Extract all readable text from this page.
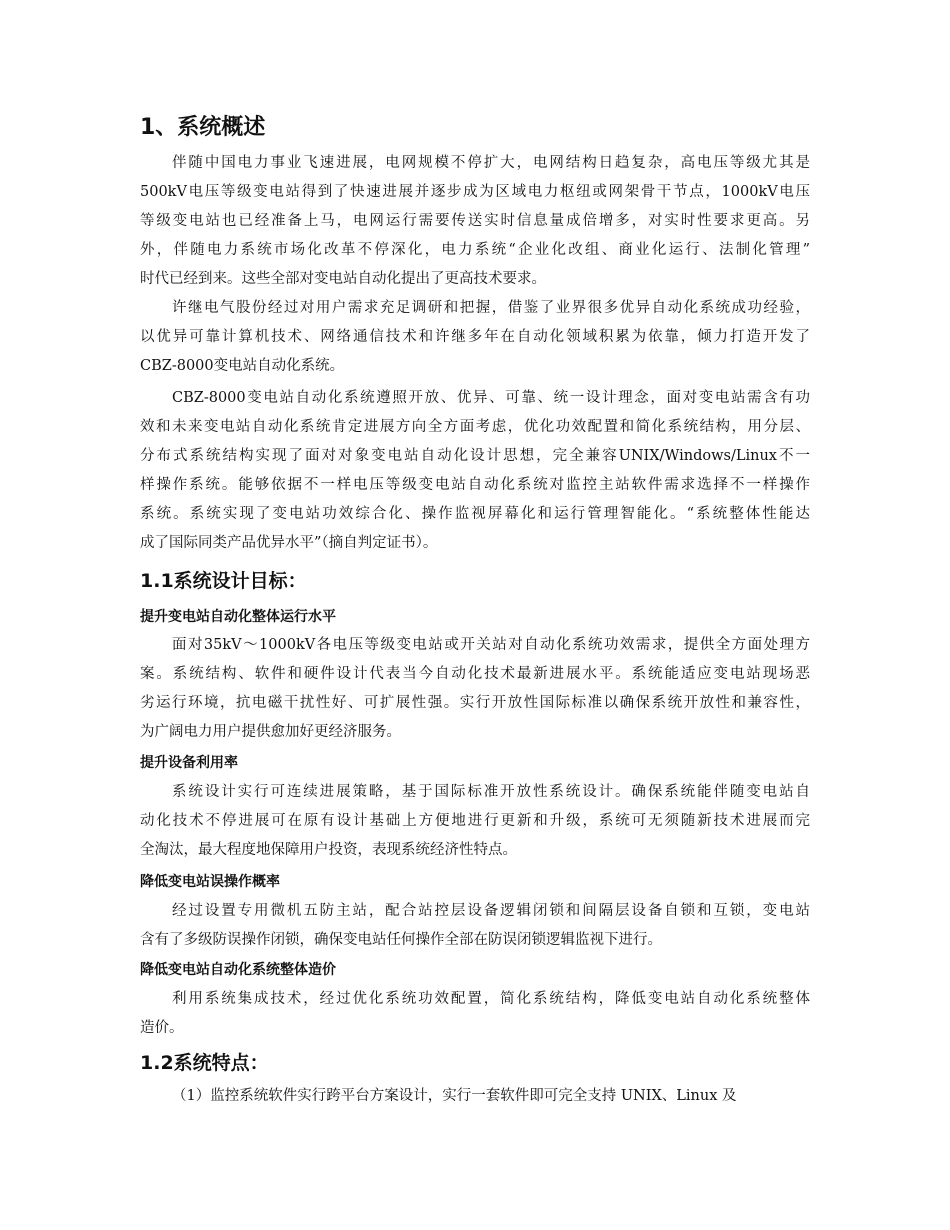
1、系统概述
伴随中国电力事业飞速进展，电网规模不停扩大，电网结构日趋复杂，高电压等级尤其是
500kV电压等级变电站得到了快速进展并逐步成为区域电力枢纽或网架骨干节点，1000kV电压
等级变电站也已经准备上马，电网运行需要传送实时信息量成倍增多，对实时性要求更高。另
外，伴随电力系统市场化改革不停深化，电力系统“企业化改组、商业化运行、法制化管理”
时代已经到来。这些全部对变电站自动化提出了更高技术要求。
许继电气股份经过对用户需求充足调研和把握，借鉴了业界很多优异自动化系统成功经验，
以优异可靠计算机技术、网络通信技术和许继多年在自动化领域积累为依靠，倾力打造开发了
CBZ-8000变电站自动化系统。
CBZ-8000变电站自动化系统遵照开放、优异、可靠、统一设计理念，面对变电站需含有功
效和未来变电站自动化系统肯定进展方向全方面考虑，优化功效配置和简化系统结构，用分层、
分布式系统结构实现了面对对象变电站自动化设计思想，完全兼容UNIX/Windows/Linux不一
样操作系统。能够依据不一样电压等级变电站自动化系统对监控主站软件需求选择不一样操作
系统。系统实现了变电站功效综合化、操作监视屏幕化和运行管理智能化。“系统整体性能达
成了国际同类产品优异水平”（摘自判定证书）。
1.1系统设计目标：
提升变电站自动化整体运行水平
面对35kV～1000kV各电压等级变电站或开关站对自动化系统功效需求，提供全方面处理方
案。系统结构、软件和硬件设计代表当今自动化技术最新进展水平。系统能适应变电站现场恶
劣运行环境，抗电磁干扰性好、可扩展性强。实行开放性国际标准以确保系统开放性和兼容性，
为广阔电力用户提供愈加好更经济服务。
提升设备利用率
系统设计实行可连续进展策略，基于国际标准开放性系统设计。确保系统能伴随变电站自
动化技术不停进展可在原有设计基础上方便地进行更新和升级，系统可无须随新技术进展而完
全淘汰，最大程度地保障用户投资，表现系统经济性特点。
降低变电站误操作概率
经过设置专用微机五防主站，配合站控层设备逻辑闭锁和间隔层设备自锁和互锁，变电站
含有了多级防误操作闭锁，确保变电站任何操作全部在防误闭锁逻辑监视下进行。
降低变电站自动化系统整体造价
利用系统集成技术，经过优化系统功效配置，简化系统结构，降低变电站自动化系统整体
造价。
1.2系统特点：
（1）监控系统软件实行跨平台方案设计，实行一套软件即可完全支持 UNIX、Linux 及
